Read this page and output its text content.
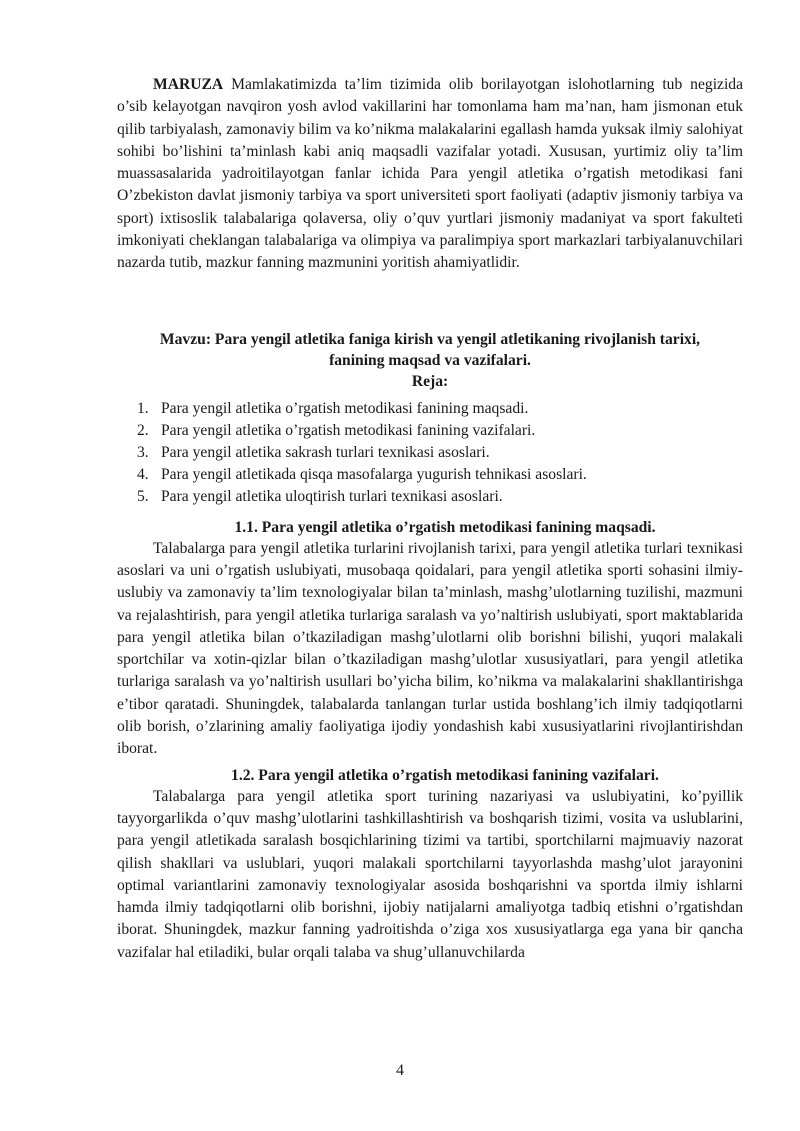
MARUZA Mamlakatimizda ta’lim tizimida olib borilayotgan islohotlarning tub negizida o’sib kelayotgan navqiron yosh avlod vakillarini har tomonlama ham ma’nan, ham jismonan etuk qilib tarbiyalash, zamonaviy bilim va ko’nikma malakalarini egallash hamda yuksak ilmiy salohiyat sohibi bo’lishini ta’minlash kabi aniq maqsadli vazifalar yotadi. Xususan, yurtimiz oliy ta’lim muassasalarida yadroitilayotgan fanlar ichida Para yengil atletika o’rgatish metodikasi fani O’zbekiston davlat jismoniy tarbiya va sport universiteti sport faoliyati (adaptiv jismoniy tarbiya va sport) ixtisoslik talabalariga qolaversa, oliy o’quv yurtlari jismoniy madaniyat va sport fakulteti imkoniyati cheklangan talabalariga va olimpiya va paralimpiya sport markazlari tarbiyalanuvchilari nazarda tutib, mazkur fanning mazmunini yoritish ahamiyatlidir.

Mavzu: Para yengil atletika faniga kirish va yengil atletikaning rivojlanish tarixi,
fanining maqsad va vazifalari.

Reja:

1. Para yengil atletika o’rgatish metodikasi fanining maqsadi.
2. Para yengil atletika o’rgatish metodikasi fanining vazifalari.
3. Para yengil atletika sakrash turlari texnikasi asoslari.
4. Para yengil atletikada qisqa masofalarga yugurish tehnikasi asoslari.
5. Para yengil atletika uloqtirish turlari texnikasi asoslari.

1.1. Para yengil atletika o’rgatish metodikasi fanining maqsadi.

Talabalarga para yengil atletika turlarini rivojlanish tarixi, para yengil atletika turlari texnikasi asoslari va uni o’rgatish uslubiyati, musobaqa qoidalari, para yengil atletika sporti sohasini ilmiy-uslubiy va zamonaviy ta’lim texnologiyalar bilan ta’minlash, mashg’ulotlarning tuzilishi, mazmuni va rejalashtirish, para yengil atletika turlariga saralash va yo’naltirish uslubiyati, sport maktablarida para yengil atletika bilan o’tkaziladigan mashg’ulotlarni olib borishni bilishi, yuqori malakali sportchilar va xotin-qizlar bilan o’tkaziladigan mashg’ulotlar xususiyatlari, para yengil atletika turlariga saralash va yo’naltirish usullari bo’yicha bilim, ko’nikma va malakalarini shakllantirishga e’tibor qaratadi. Shuningdek, talabalarda tanlangan turlar ustida boshlang’ich ilmiy tadqiqotlarni olib borish, o’zlarining amaliy faoliyatiga ijodiy yondashish kabi xususiyatlarini rivojlantirishdan iborat.

1.2. Para yengil atletika o’rgatish metodikasi fanining vazifalari.

Talabalarga para yengil atletika sport turining nazariyasi va uslubiyatini, ko’pyillik tayyorgarlikda o’quv mashg’ulotlarini tashkillashtirish va boshqarish tizimi, vosita va uslublarini, para yengil atletikada saralash bosqichlarining tizimi va tartibi, sportchilarni majmuaviy nazorat qilish shakllari va uslublari, yuqori malakali sportchilarni tayyorlashda mashg’ulot jarayonini optimal variantlarini zamonaviy texnologiyalar asosida boshqarishni va sportda ilmiy ishlarni hamda ilmiy tadqiqotlarni olib borishni, ijobiy natijalarni amaliyotga tadbiq etishni o’rgatishdan iborat. Shuningdek, mazkur fanning yadroitishda o’ziga xos xususiyatlarga ega yana bir qancha vazifalar hal etiladiki, bular orqali talaba va shug’ullanuvchilarda

4
